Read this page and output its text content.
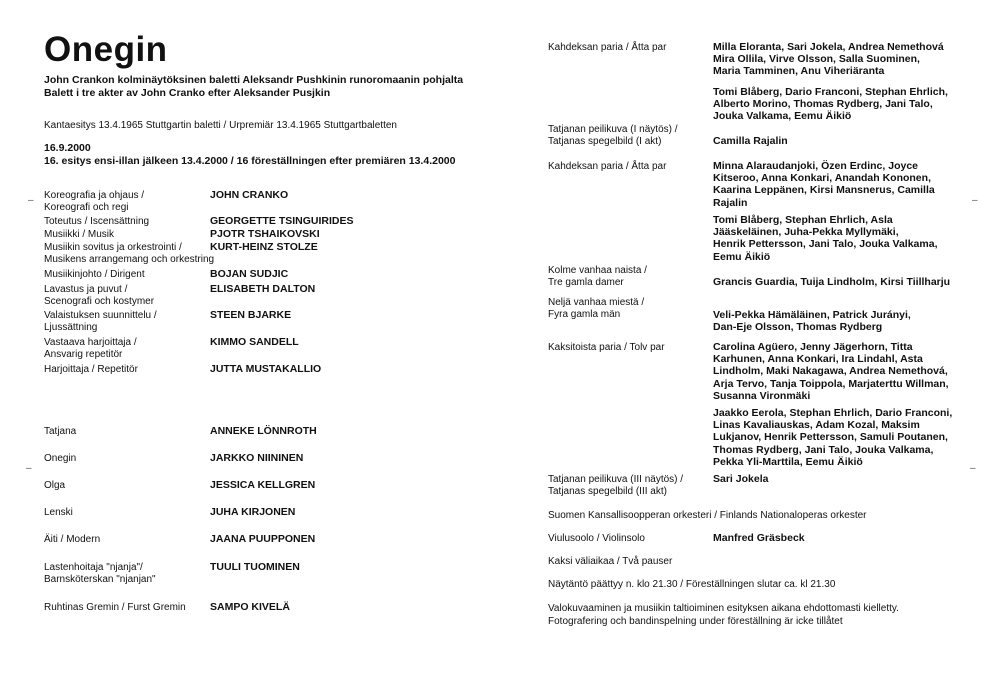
Onegin
John Crankon kolminäytöksinen baletti Aleksandr Pushkinin runoromaanin pohjalta
Balett i tre akter av John Cranko efter Aleksander Pusjkin
Kantaesitys 13.4.1965 Stuttgartin baletti / Urpremiär 13.4.1965 Stuttgartbaletten
16.9.2000
16. esitys ensi-illan jälkeen 13.4.2000 / 16 föreställningen efter premiären 13.4.2000
Koreografia ja ohjaus /
Koreografi och regi
JOHN CRANKO
Toteutus / Iscensättning	GEORGETTE TSINGUIRIDES
Musiikki / Musik	PJOTR TSHAIKOVSKI
Musiikin sovitus ja orkestrointi /
Musikens arrangemang och orkestring
KURT-HEINZ STOLZE
Musiikinjohto / Dirigent	BOJAN SUDJIC
Lavastus ja puvut /
Scenografi och kostymer
ELISABETH DALTON
Valaistuksen suunnittelu /
Ljussättning
STEEN BJARKE
Vastaava harjoittaja /
Ansvarig repetitör
KIMMO SANDELL
Harjoittaja / Repetitör	JUTTA MUSTAKALLIO
Tatjana	ANNEKE LÖNNROTH
Onegin	JARKKO NIININEN
Olga	JESSICA KELLGREN
Lenski	JUHA KIRJONEN
Äiti / Modern	JAANA PUUPPONEN
Lastenhoitaja "njanja"/
Barnsköterskan "njanjan"
TUULI TUOMINEN
Ruhtinas Gremin / Furst Gremin	SAMPO KIVELÄ
–
–
Kahdeksan paria / Åtta par	Milla Eloranta, Sari Jokela, Andrea Nemethová
Mira Ollila, Virve Olsson, Salla Suominen,
Maria Tamminen, Anu Viheriäranta
Tomi Blåberg, Dario Franconi, Stephan Ehrlich,
Alberto Morino, Thomas Rydberg, Jani Talo,
Jouka Valkama, Eemu Äikiö
Tatjanan peilikuva (I näytös) /
Tatjanas spegelbild (I akt)	Camilla Rajalin
Kahdeksan paria / Åtta par	Minna Alaraudanjoki, Özen Erdinc, Joyce
Kitseroo, Anna Konkari, Anandah Kononen,
Kaarina Leppänen, Kirsi Mansnerus, Camilla
Rajalin
Tomi Blåberg, Stephan Ehrlich, Asla
Jääskeläinen, Juha-Pekka Myllymäki,
Henrik Pettersson, Jani Talo, Jouka Valkama,
Eemu Äikiö
Kolme vanhaa naista /
Tre gamla damer	Grancis Guardia, Tuija Lindholm, Kirsi Tiillharju
Neljä vanhaa miestä /
Fyra gamla män	Veli-Pekka Hämäläinen, Patrick Jurányi,
Dan-Eje Olsson, Thomas Rydberg
Kaksitoista paria / Tolv par	Carolina Agüero, Jenny Jägerhorn, Titta
Karhunen, Anna Konkari, Ira Lindahl, Asta
Lindholm, Maki Nakagawa, Andrea Nemethová,
Arja Tervo, Tanja Toippola, Marjaterttu Willman,
Susanna Vironmäki
Jaakko Eerola, Stephan Ehrlich, Dario Franconi,
Linas Kavaliauskas, Adam Kozal, Maksim
Lukjanov, Henrik Pettersson, Samuli Poutanen,
Thomas Rydberg, Jani Talo, Jouka Valkama,
Pekka Yli-Marttila, Eemu Äikiö
Tatjanan peilikuva (III näytös) /
Tatjanas spegelbild (III akt)
Sari Jokela
Suomen Kansallisoopperan orkesteri / Finlands Nationaloperas orkester
Viulusoolo / Violinsolo	Manfred Gräsbeck
Kaksi väliaikaa / Två pauser
Näytäntö päättyy n. klo 21.30 / Föreställningen slutar ca. kl 21.30
Valokuvaaminen ja musiikin taltioiminen esityksen aikana ehdottomasti kielletty.
Fotografering och bandinspelning under föreställning är icke tillåtet
–
–
